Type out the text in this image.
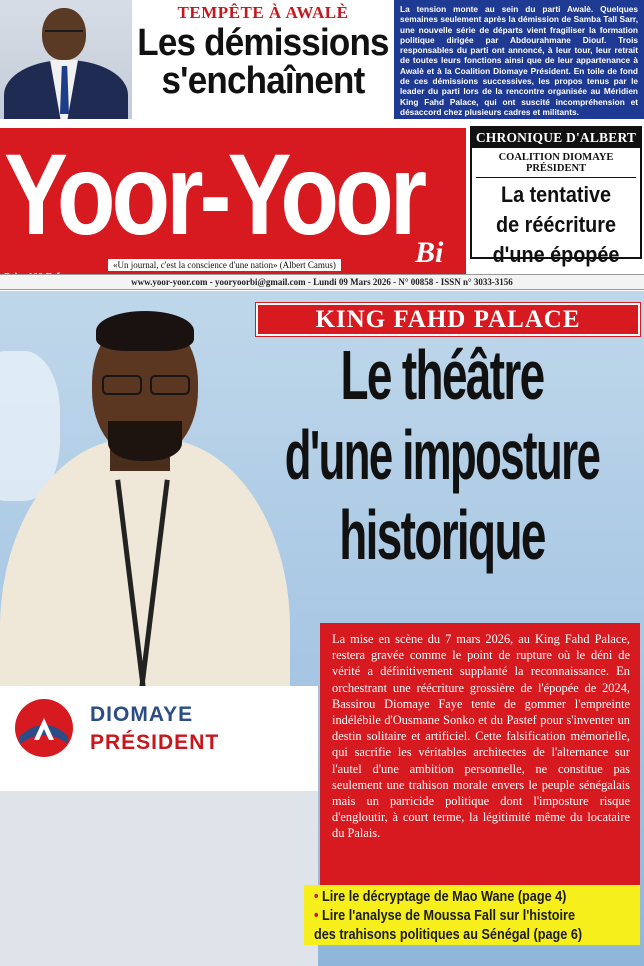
TEMPÊTE À AWALÈ
Les démissions
s'enchaînent
La tension monte au sein du parti Awalè. Quelques semaines seulement après la démission de Samba Tall Sarr, une nouvelle série de départs vient fragiliser la formation politique dirigée par Abdourahmane Diouf. Trois responsables du parti ont annoncé, à leur tour, leur retrait de toutes leurs fonctions ainsi que de leur appartenance à Awalè et à la Coalition Diomaye Président. En toile de fond de ces démissions successives, les propos tenus par le leader du parti lors de la rencontre organisée au Méridien King Fahd Palace, qui ont suscité incompréhension et désaccord chez plusieurs cadres et militants.
Yoor-Yoor
Bi
«Un journal, c'est la conscience d'une nation» (Albert Camus)
CHRONIQUE D'ALBERT
COALITION DIOMAYE PRÉSIDENT
La tentative
de réécriture
d'une épopée
www.yoor-yoor.com - yooryoorbi@gmail.com - Lundi 09 Mars 2026 - N° 00858 - ISSN n° 3033-3156
DIOMAYE
PRÉSIDENT
KING FAHD PALACE
Le théâtre
d'une imposture
historique
La mise en scène du 7 mars 2026, au King Fahd Palace, restera gravée comme le point de rupture où le déni de vérité a définitivement supplanté la reconnaissance. En orchestrant une réécriture grossière de l'épopée de 2024, Bassirou Diomaye Faye tente de gommer l'empreinte indélébile d'Ousmane Sonko et du Pastef pour s'inventer un destin solitaire et artificiel. Cette falsification mémorielle, qui sacrifie les véritables architectes de l'alternance sur l'autel d'une ambition personnelle, ne constitue pas seulement une trahison morale envers le peuple sénégalais mais un parricide politique dont l'imposture risque d'engloutir, à court terme, la légitimité même du locataire du Palais.
• Lire le décryptage de Mao Wane (page 4)
• Lire l'analyse de Moussa Fall sur l'histoire
des trahisons politiques au Sénégal (page 6)
